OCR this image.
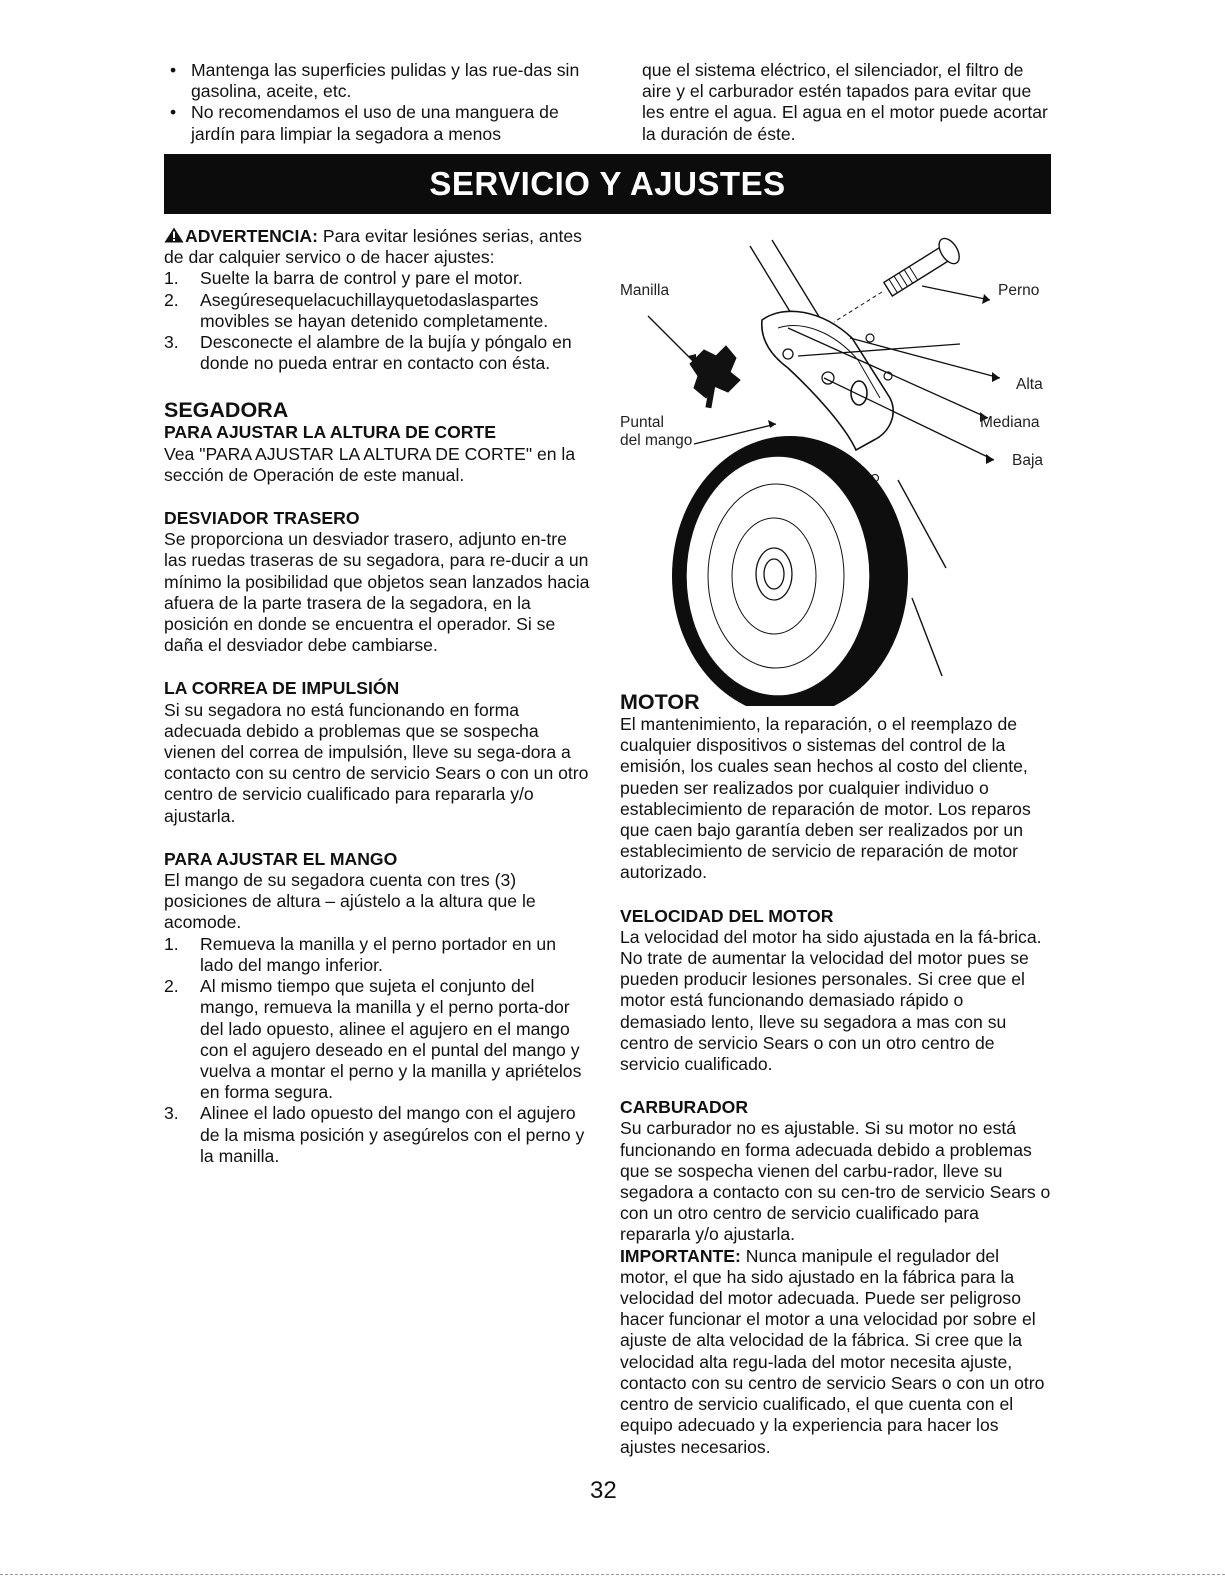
• Mantenga las superficies pulidas y las rue-das sin gasolina, aceite, etc.
• No recomendamos el uso de una manguera de jardín para limpiar la segadora a menos

que el sistema eléctrico, el silenciador, el filtro de aire y el carburador estén tapados para evitar que les entre el agua. El agua en el motor puede acortar la duración de éste.

SERVICIO Y AJUSTES

ADVERTENCIA: Para evitar lesiónes serias, antes de dar calquier servico o de hacer ajustes:

1. Suelte la barra de control y pare el motor.
2. Asegúresequelacuchillayquetodaslaspartes movibles se hayan detenido completamente.
3. Desconecte el alambre de la bujía y póngalo en donde no pueda entrar en contacto con ésta.
SEGADORA
PARA AJUSTAR LA ALTURA DE CORTE

Vea "PARA AJUSTAR LA ALTURA DE CORTE" en la sección de Operación de este manual.

DESVIADOR TRASERO

Se proporciona un desviador trasero, adjunto en-tre las ruedas traseras de su segadora, para re-ducir a un mínimo la posibilidad que objetos sean lanzados hacia afuera de la parte trasera de la segadora, en la posición en donde se encuentra el operador. Si se daña el desviador debe cambiarse.

LA CORREA DE IMPULSIÓN

Si su segadora no está funcionando en forma adecuada debido a problemas que se sospecha vienen del correa de impulsión, lleve su sega-dora a contacto con su centro de servicio Sears o con un otro centro de servicio cualificado para repararla y/o ajustarla.

PARA AJUSTAR EL MANGO

El mango de su segadora cuenta con tres (3) posiciones de altura – ajústelo a la altura que le acomode.

1. Remueva la manilla y el perno portador en un lado del mango inferior.
2. Al mismo tiempo que sujeta el conjunto del mango, remueva la manilla y el perno porta-dor del lado opuesto, alinee el agujero en el mango con el agujero deseado en el puntal del mango y vuelva a montar el perno y la manilla y apriételos en forma segura.
3. Alinee el lado opuesto del mango con el agujero de la misma posición y asegúrelos con el perno y la manilla.
Manilla	Perno
Alta
Mediana
Baja
Puntal
del mango
MOTOR

El mantenimiento, la reparación, o el reemplazo de cualquier dispositivos o sistemas del control de la emisión, los cuales sean hechos al costo del cliente, pueden ser realizados por cualquier individuo o establecimiento de reparación de motor. Los reparos que caen bajo garantía deben ser realizados por un establecimiento de servicio de reparación de motor autorizado.

VELOCIDAD DEL MOTOR

La velocidad del motor ha sido ajustada en la fá-brica. No trate de aumentar la velocidad del motor pues se pueden producir lesiones personales. Si cree que el motor está funcionando demasiado rápido o demasiado lento, lleve su segadora a mas con su centro de servicio Sears o con un otro centro de servicio cualificado.

CARBURADOR

Su carburador no es ajustable. Si su motor no está funcionando en forma adecuada debido a problemas que se sospecha vienen del carbu-rador, lleve su segadora a contacto con su cen-tro de servicio Sears o con un otro centro de servicio cualificado para repararla y/o ajustarla.

IMPORTANTE: Nunca manipule el regulador del motor, el que ha sido ajustado en la fábrica para la velocidad del motor adecuada. Puede ser peligroso hacer funcionar el motor a una velocidad por sobre el ajuste de alta velocidad de la fábrica. Si cree que la velocidad alta regu-lada del motor necesita ajuste, contacto con su centro de servicio Sears o con un otro centro de servicio cualificado, el que cuenta con el equipo adecuado y la experiencia para hacer los ajustes necesarios.

32
